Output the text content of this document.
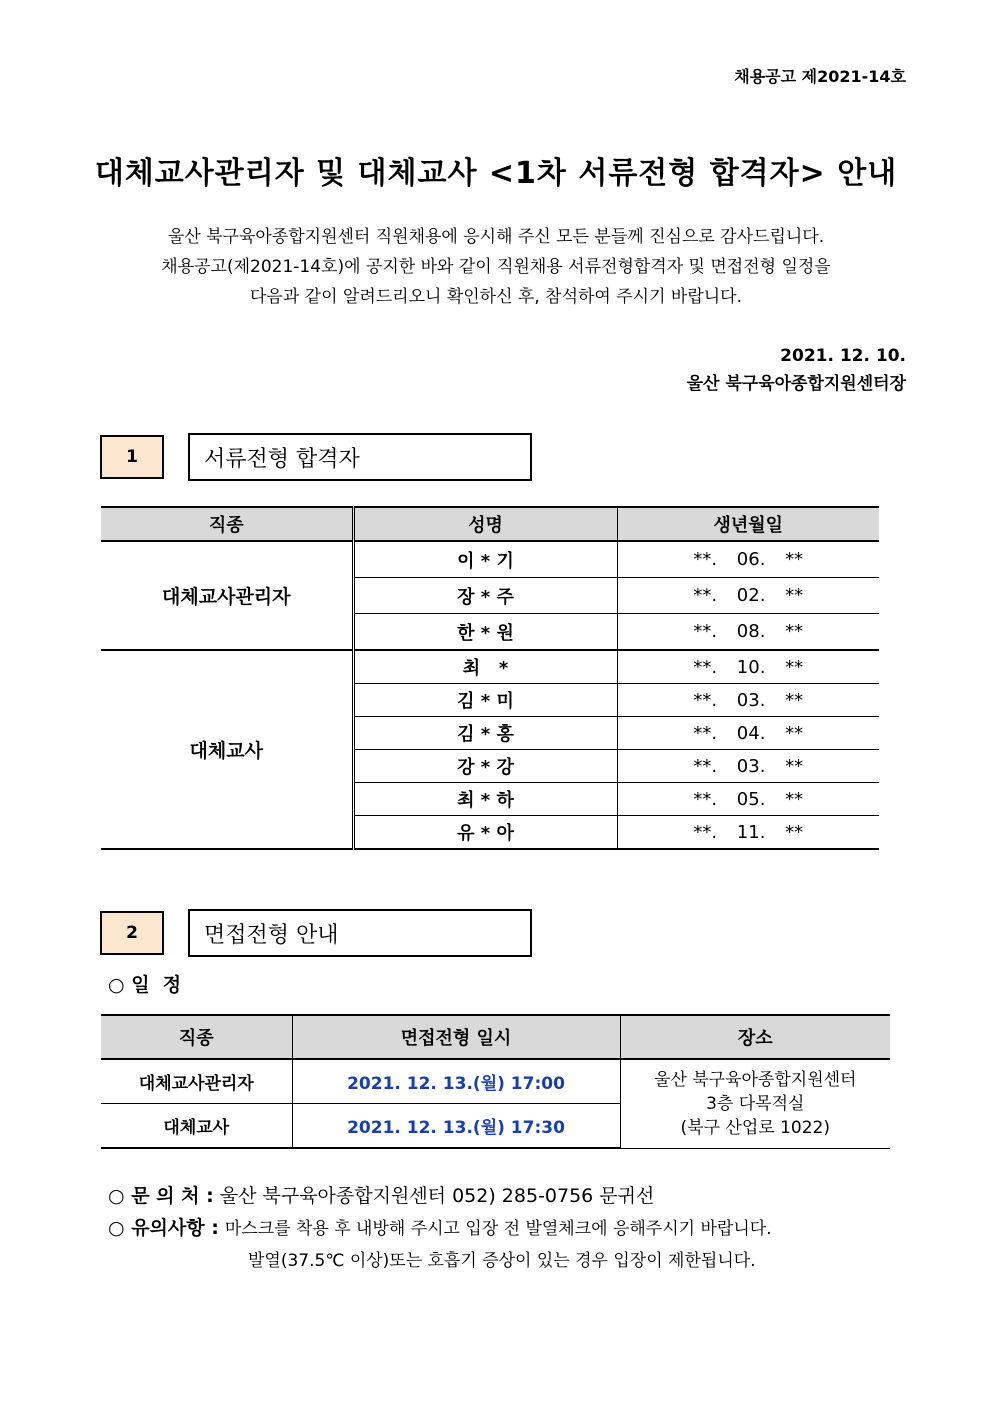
채용공고 제2021-14호
대체교사관리자 및 대체교사 <1차 서류전형 합격자> 안내
울산 북구육아종합지원센터 직원채용에 응시해 주신 모든 분들께 진심으로 감사드립니다.
채용공고(제2021-14호)에 공지한 바와 같이 직원채용 서류전형합격자 및 면접전형 일정을
다음과 같이 알려드리오니 확인하신 후, 참석하여 주시기 바랍니다.
2021. 12. 10.
울산 북구육아종합지원센터장
1	서류전형 합격자
직종	성명	생년월일
대체교사관리자	이 * 기	**. 06. **
	장 * 주	**. 02. **
	한 * 원	**. 08. **
대체교사	최   *	**. 10. **
	김 * 미	**. 03. **
	김 * 홍	**. 04. **
	강 * 강	**. 03. **
	최 * 하	**. 05. **
	유 * 아	**. 11. **
2	면접전형 안내
○ 일  정
직종	면접전형 일시	장소
대체교사관리자	2021. 12. 13.(월) 17:00	울산 북구육아종합지원센터
3층 다목적실
(북구 산업로 1022)

대체교사	2021. 12. 13.(월) 17:30	
○ 문 의 처 : 울산 북구육아종합지원센터 052) 285-0756 문귀선
○ 유의사항 : 마스크를 착용 후 내방해 주시고 입장 전 발열체크에 응해주시기 바랍니다.
발열(37.5℃ 이상)또는 호흡기 증상이 있는 경우 입장이 제한됩니다.
